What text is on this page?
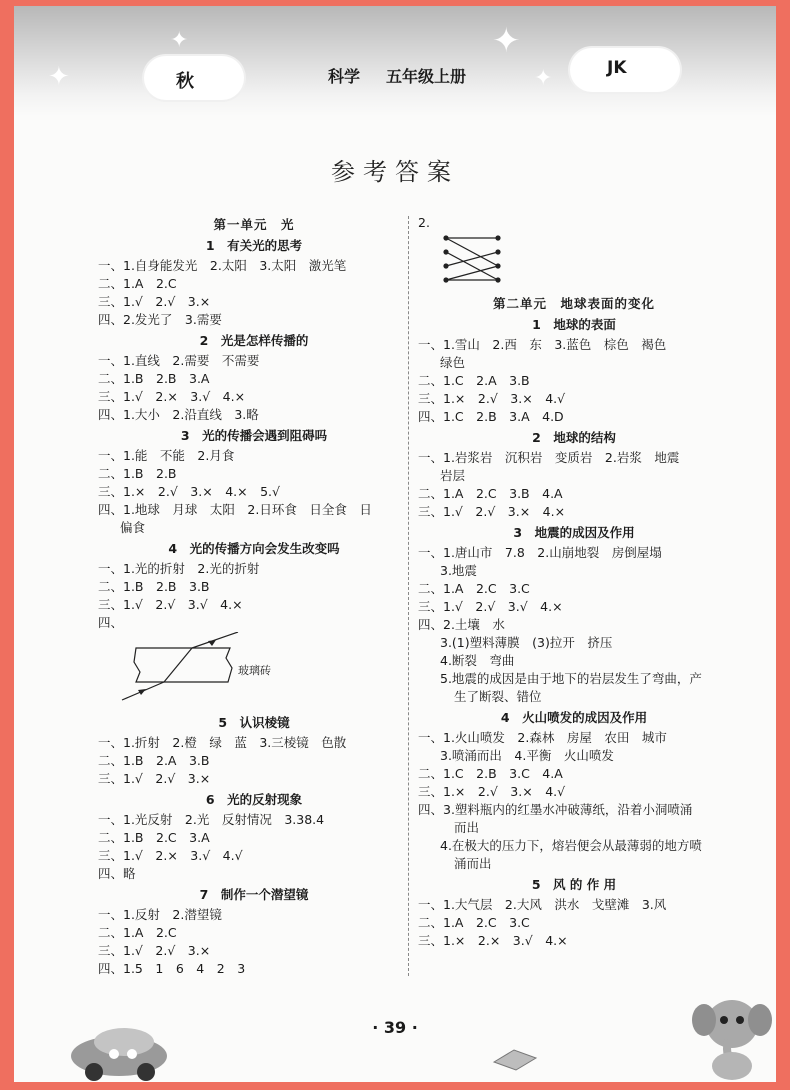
✦
✦	✦
✦
秋	科学 五年级上册	JK
参考答案
第一单元　光
1　有关光的思考
一、1.自身能发光　2.太阳　3.太阳　激光笔
二、1.A　2.C
三、1.√　2.√　3.×
四、2.发光了　3.需要
2　光是怎样传播的
一、1.直线　2.需要　不需要
二、1.B　2.B　3.A
三、1.√　2.×　3.√　4.×
四、1.大小　2.沿直线　3.略
3　光的传播会遇到阻碍吗
一、1.能　不能　2.月食
二、1.B　2.B
三、1.×　2.√　3.×　4.×　5.√
四、1.地球　月球　太阳　2.日环食　日全食　日
偏食
4　光的传播方向会发生改变吗
一、1.光的折射　2.光的折射
二、1.B　2.B　3.B
三、1.√　2.√　3.√　4.×
四、
玻璃砖
5　认识棱镜
一、1.折射　2.橙　绿　蓝　3.三棱镜　色散
二、1.B　2.A　3.B
三、1.√　2.√　3.×
6　光的反射现象
一、1.光反射　2.光　反射情况　3.38.4
二、1.B　2.C　3.A
三、1.√　2.×　3.√　4.√
四、略
7　制作一个潜望镜
一、1.反射　2.潜望镜
二、1.A　2.C
三、1.√　2.√　3.×
四、1.5　1　6　4　2　3
2.
第二单元　地球表面的变化
1　地球的表面
一、1.雪山　2.西　东　3.蓝色　棕色　褐色
绿色
二、1.C　2.A　3.B
三、1.×　2.√　3.×　4.√
四、1.C　2.B　3.A　4.D
2　地球的结构
一、1.岩浆岩　沉积岩　变质岩　2.岩浆　地震
岩层
二、1.A　2.C　3.B　4.A
三、1.√　2.√　3.×　4.×
3　地震的成因及作用
一、1.唐山市　7.8　2.山崩地裂　房倒屋塌
3.地震
二、1.A　2.C　3.C
三、1.√　2.√　3.√　4.×
四、2.土壤　水
3.(1)塑料薄膜　(3)拉开　挤压
4.断裂　弯曲
5.地震的成因是由于地下的岩层发生了弯曲，产
生了断裂、错位
4　火山喷发的成因及作用
一、1.火山喷发　2.森林　房屋　农田　城市
3.喷涌而出　4.平衡　火山喷发
二、1.C　2.B　3.C　4.A
三、1.×　2.√　3.×　4.√
四、3.塑料瓶内的红墨水冲破薄纸，沿着小洞喷涌
而出
4.在极大的压力下，熔岩便会从最薄弱的地方喷
涌而出
5　风 的 作 用
一、1.大气层　2.大风　洪水　戈壁滩　3.风
二、1.A　2.C　3.C
三、1.×　2.×　3.√　4.×
· 39 ·
